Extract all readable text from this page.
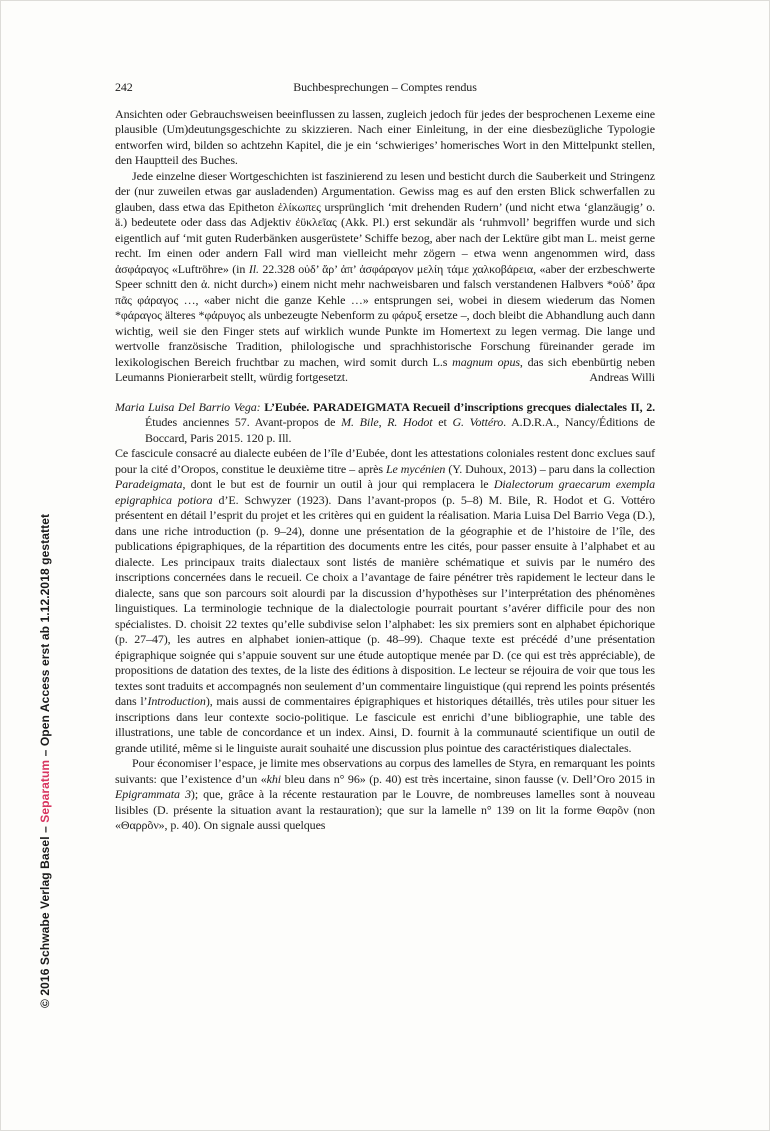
© 2016 Schwabe Verlag Basel – Separatum – Open Access erst ab 1.12.2018 gestattet
242	Buchbesprechungen – Comptes rendus

Ansichten oder Gebrauchsweisen beeinflussen zu lassen, zugleich jedoch für jedes der besprochenen Lexeme eine plausible (Um)deutungsgeschichte zu skizzieren. Nach einer Einleitung, in der eine diesbezügliche Typologie entworfen wird, bilden so achtzehn Kapitel, die je ein ‘schwieriges’ homerisches Wort in den Mittelpunkt stellen, den Hauptteil des Buches.

Jede einzelne dieser Wortgeschichten ist faszinierend zu lesen und besticht durch die Sauberkeit und Stringenz der (nur zuweilen etwas gar ausladenden) Argumentation. Gewiss mag es auf den ersten Blick schwerfallen zu glauben, dass etwa das Epitheton ἑλίκωπες ursprünglich ‘mit drehenden Rudern’ (und nicht etwa ‘glanzäugig’ o. ä.) bedeutete oder dass das Adjektiv ἐϋκλεῖας (Akk. Pl.) erst sekundär als ‘ruhmvoll’ begriffen wurde und sich eigentlich auf ‘mit guten Ruderbänken ausgerüstete’ Schiffe bezog, aber nach der Lektüre gibt man L. meist gerne recht. Im einen oder andern Fall wird man vielleicht mehr zögern – etwa wenn angenommen wird, dass ἀσφάραγος «Luftröhre» (in Il. 22.328 οὐδ’ ἄρ’ ἀπ’ ἀσφάραγον μελίη τάμε χαλκοβάρεια, «aber der erzbeschwerte Speer schnitt den ἀ. nicht durch») einem nicht mehr nachweisbaren und falsch verstandenen Halbvers *οὐδ’ ἄρα πᾶς φάραγος …, «aber nicht die ganze Kehle …» entsprungen sei, wobei in diesem wiederum das Nomen *φάραγος älteres *φάρυγος als unbezeugte Nebenform zu φάρυξ ersetze –, doch bleibt die Abhandlung auch dann wichtig, weil sie den Finger stets auf wirklich wunde Punkte im Homertext zu legen vermag. Die lange und wertvolle französische Tradition, philologische und sprachhistorische Forschung füreinander gerade im lexikologischen Bereich fruchtbar zu machen, wird somit durch L.s magnum opus, das sich ebenbürtig neben Leumanns Pionierarbeit stellt, würdig fortgesetzt.	Andreas Willi

Maria Luisa Del Barrio Vega: L’Eubée. PARADEIGMATA Recueil d’inscriptions grecques dialectales II, 2. Études anciennes 57. Avant-propos de M. Bile, R. Hodot et G. Vottéro. A.D.R.A., Nancy/Éditions de Boccard, Paris 2015. 120 p. Ill.

Ce fascicule consacré au dialecte eubéen de l’île d’Eubée, dont les attestations coloniales restent donc exclues sauf pour la cité d’Oropos, constitue le deuxième titre – après Le mycénien (Y. Duhoux, 2013) – paru dans la collection Paradeigmata, dont le but est de fournir un outil à jour qui remplacera le Dialectorum graecarum exempla epigraphica potiora d’E. Schwyzer (1923). Dans l’avant-propos (p. 5–8) M. Bile, R. Hodot et G. Vottéro présentent en détail l’esprit du projet et les critères qui en guident la réalisation. Maria Luisa Del Barrio Vega (D.), dans une riche introduction (p. 9–24), donne une présentation de la géographie et de l’histoire de l’île, des publications épigraphiques, de la répartition des documents entre les cités, pour passer ensuite à l’alphabet et au dialecte. Les principaux traits dialectaux sont listés de manière schématique et suivis par le numéro des inscriptions concernées dans le recueil. Ce choix a l’avantage de faire pénétrer très rapidement le lecteur dans le dialecte, sans que son parcours soit alourdi par la discussion d’hypothèses sur l’interprétation des phénomènes linguistiques. La terminologie technique de la dialectologie pourrait pourtant s’avérer difficile pour des non spécialistes. D. choisit 22 textes qu’elle subdivise selon l’alphabet: les six premiers sont en alphabet épichorique (p. 27–47), les autres en alphabet ionien-attique (p. 48–99). Chaque texte est précédé d’une présentation épigraphique soignée qui s’appuie souvent sur une étude autoptique menée par D. (ce qui est très appréciable), de propositions de datation des textes, de la liste des éditions à disposition. Le lecteur se réjouira de voir que tous les textes sont traduits et accompagnés non seulement d’un commentaire linguistique (qui reprend les points présentés dans l’Introduction), mais aussi de commentaires épigraphiques et historiques détaillés, très utiles pour situer les inscriptions dans leur contexte socio-politique. Le fascicule est enrichi d’une bibliographie, une table des illustrations, une table de concordance et un index. Ainsi, D. fournit à la communauté scientifique un outil de grande utilité, même si le linguiste aurait souhaité une discussion plus pointue des caractéristiques dialectales.

Pour économiser l’espace, je limite mes observations au corpus des lamelles de Styra, en remarquant les points suivants: que l’existence d’un «khi bleu dans n° 96» (p. 40) est très incertaine, sinon fausse (v. Dell’Oro 2015 in Epigrammata 3); que, grâce à la récente restauration par le Louvre, de nombreuses lamelles sont à nouveau lisibles (D. présente la situation avant la restauration); que sur la lamelle n° 139 on lit la forme Θαρõν (non «Θαρρõν», p. 40). On signale aussi quelques
